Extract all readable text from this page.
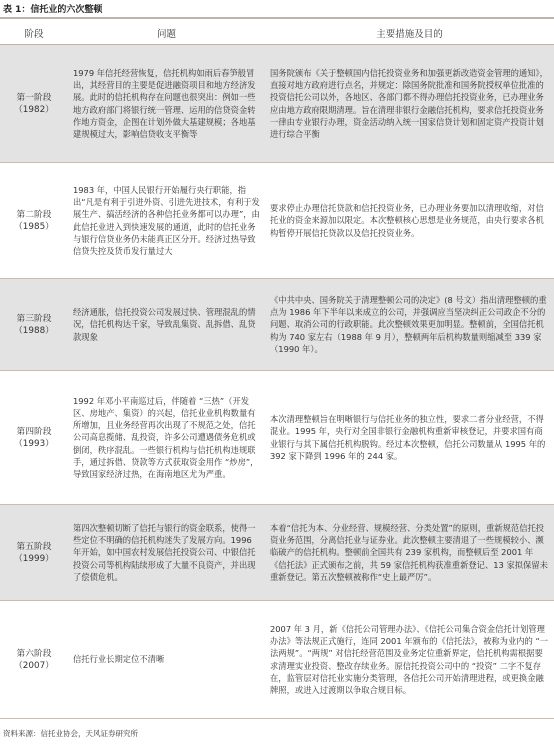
表 1：信托业的六次整顿
阶段	问题	主要措施及目的

第一阶段
（1982）	1979 年信托经营恢复，信托机构如雨后春笋般冒出，其经营目的主要是促进融资项目和地方经济发展。此时的信托机构存在问题也很突出：例如一些地方政府部门将银行统一管理、运用的信贷资金转作地方资金，企图在计划外做大基建规模；各地基建规模过大，影响信贷收支平衡等	国务院颁布《关于整顿国内信托投资业务和加强更新改造资金管理的通知》，直接对地方政府进行点名，并规定：除国务院批准和国务院授权单位批准的投资信托公司以外，各地区、各部门都不得办理信托投资业务，已办理业务应由地方政府限期清理。旨在清理非银行金融信托机构，要求信托投资业务一律由专业银行办理，资金活动纳入统一国家信贷计划和固定资产投资计划进行综合平衡

第二阶段
（1985）	1983 年，中国人民银行开始履行央行职能，指出“凡是有利于引进外资、引进先进技术，有利于发展生产、搞活经济的各种信托业务都可以办理”，由此信托业进入到快速发展的通道，此时的信托业务与银行信贷业务仍未能真正区分开。经济过热导致信贷失控及货币发行量过大	要求停止办理信托贷款和信托投资业务，已办理业务要加以清理收缩，对信托业的资金来源加以限定。本次整顿核心思想是业务规范，由央行要求各机构暂停开展信托贷款以及信托投资业务。

第三阶段
（1988）	经济通胀，信托投资公司发展过快、管理混乱的情况，信托机构达千家，导致乱集资、乱拆借、乱贷款现象	《中共中央、国务院关于清理整顿公司的决定》(8 号文）指出清理整顿的重点为 1986 年下半年以来成立的公司，并强调应当坚决纠正公司政企不分的问题、取消公司的行政职能。此次整顿效果更加明显。整顿前，全国信托机构为 740 家左右（1988 年 9 月），整顿两年后机构数量则缩减至 339 家（1990 年）。

第四阶段
（1993）	1992 年邓小平南巡过后，伴随着 “三热”（开发区、房地产、集资）的兴起，信托业业机构数量有所增加，且业务经营再次出现了不规范之处，信托公司高息揽储、乱投资，许多公司遭遇债务危机或倒闭，秩序混乱。一些银行机构与信托机构违规联手，通过拆借、贷款等方式获取资金用作 “炒房”，导致国家经济过热，在海南地区尤为严重。	本次清理整顿旨在明晰银行与信托业务的独立性，要求二者分业经营，不得混业。1995 年，央行对全国非银行金融机构重新审核登记，并要求国有商业银行与其下属信托机构脱钩。经过本次整顿，信托公司数量从 1995 年的 392 家下降到 1996 年的 244 家。

第五阶段
（1999）	第四次整顿切断了信托与银行的资金联系，使得一些定位不明确的信托机构迷失了发展方向。1996 年开始，如中国农村发展信托投资公司、中银信托投资公司等机构陆续形成了大量不良资产，并出现了偿债危机。	本着“信托为本、分业经营、规模经营、分类处置”的原则，重新规范信托投资业务范围，分离信托业与证券业。此次整顿主要清退了一些规模较小、濒临破产的信托机构。整顿前全国共有 239 家机构，而整顿后至 2001 年《信托法》正式颁布之前，共 59 家信托机构获准重新登记、13 家拟保留未重新登记。第五次整顿被称作“史上最严厉”。

第六阶段
（2007）	信托行业长期定位不清晰	2007 年 3 月，新《信托公司管理办法》、《信托公司集合资金信托计划管理办法》等法规正式施行，连同 2001 年颁布的《信托法》，被称为业内的 “一法两规”。“两规” 对信托经营范围及业务定位重新界定，信托机构需根据要求清理实业投资、整改存续业务。原信托投资公司中的 “投资” 二字不复存在，监管层对信托业实施分类管理，各信托公司开始清理进程，或更换金融牌照，或进入过渡期以争取合规目标。
资料来源：信托业协会，天风证券研究所
